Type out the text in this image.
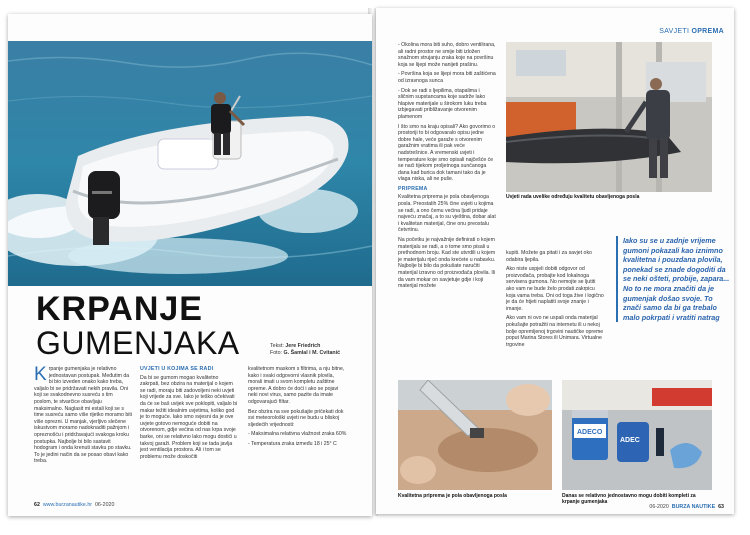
KRPANJE
GUMENJAKA	Tekst: Jere Friedrich
Foto: G. Šamlal i M. Cvitanić
K rpanje gumenjaka je relativno jednostavan postupak. Međutim da bi bio izveden onako kako treba, valjalo bi se pridržavati nekih pravila. Oni koji se svakodnevno susreću s tim poslom, te stvarčice obavljaju maksimalno. Naglasit mi estali koji se s time susreću samo više rijetko moramo biti više oprezni. U manjak, vjerljivo slečene iskustvom moramo nadoknaditi pažnjom i opreznošću i pridržavajući svakoga kroku postupka. Najbolje bi bilo sastavit hodogram i onda krenuti stavku po stavku. To je jedini način da se posao obavi kako treba.
UVJETI U KOJIMA SE RADI

Da bi se gumom mogao kvalitetno zakrpati, bez obzira na materijal o kojem se radi, moraju biti zadovoljeni neki uvjeti koji vrijede za sve. Iako je teško očekivati da će se baš uvijek sve poklopiti, valjalo bi makar težiti idealnim uvjetima, koliko god je to moguće. Iako smo svjesni da je ove uvjete gotovo nemoguće dobiti na otvorenom, gdje većina od nas krpa svoje barke, oni se relativno lako mogu dostići u takvoj garaži. Problem koji se tada javlja jest ventilacija prostora. Ali i tom se problemu može doskočiti

kvalitetnom maskom s filtrima, a nju bitne, kako i svaki odgovorni vlasnik plovila, morali imati u svom kompletu zaštitne opreme. A dobro će doći i ako se pojavi neki novi virus, samo pazite da imate odgovarajući filtar.

Bez obzira na sve pokušajte pričekati dok svi meteorološki uvjeti ne budu u bliskoj sljedećih vrijednosti:

- Maksimalna relativna vlažnost zraka 60%

- Temperatura zraka između 18 i 25° C

62 www.burzanautike.hr 06-2020
SAVJETI OPREMA

- Okolina mora biti suho, dobro ventilirana, ali radni prostor ne smije biti izložen snažnom strujanju zraka koje na površinu koja se lijepi može nanijeti prašinu.

- Površina koja se lijepi mora biti zaštićena od izravnoga sunca

- Dok se radi s ljepilima, otapalima i sličnim supstancama koje sadrže lako hlapive materijale u širokom luku treba izbjegavati približavanje otvorenim plamenom

I što smo na kraju opisali? Ako govorimo o prostoriji to bi odgovaralo opisu jedne dobre hale, veće garaže s otvorenim garažnim vratima ili pak veće nadstrešnice. A vremenski uvjeti i temperature koje smo opisali najčešće će se naći tijekom proljetnoga sunčanoga dana kad burica dok tamani tako da je vlaga niska, ali ne puše.

PRIPREMA

Kvalitetna priprema je pola obavljenoga posla. Preostalih 25% čine uvjeti u kojima se radi, a ono čemu većina ljudi pridaje najveću značaj, a to su vještina, dobar alat i kvalitetan materijal, čine onu preostalu četvrtinu.

Na početku je najvažnije definirati o kojem materijalu se radi, a o tome smo pisali u prethodnom broju. Kad ste utvrdili u kojem je materijalu riječ onda krećete u nabavku. Najbolje bi bilo da pokušate naručiti materijal izravno od proizvođača plovila. Ili da vam mokar on savjetuje gdje i koji materijal možete

Uvjeti rada uvelike određuju kvalitetu obavljenoga posla

kupiti. Možete ga pitati i za savjet oko odabira ljepila.

Ako niste uspjeli dobiti odgovor od proizvođača, probajte kod lokalnoga servisera gumona. No nemojte se ljutiti ako vam ne bude želo prodati zakrpicu koja vama treba. Oni od toga žive i logično je da će htjeti naplatiti svoje znanje i imanje.

Ako vam ni ovo ne uspali onda materijal pokušajte potražiti na internetu ili u nekoj bolje opremljenoj trgovini nautičke opreme poput Marina Stores ili Unimara. Virtualne trgovine

Iako su se u zadnje vrijeme gumoni pokazali kao iznimno kvalitetna i pouzdana plovila, ponekad se znade dogoditi da se neki ošteti, probije, zapara... No to ne mora značiti da je gumenjak došao svoje. To znači samo da bi ga trebalo malo pokrpati i vratiti natrag
Kvalitetna priprema je pola obavljenoga posla
ADECO
ADEC
Danas se relativno jednostavno mogu dobiti kompleti za krpanje gumenjaka
06-2020 BURZA NAUTIKE 63
